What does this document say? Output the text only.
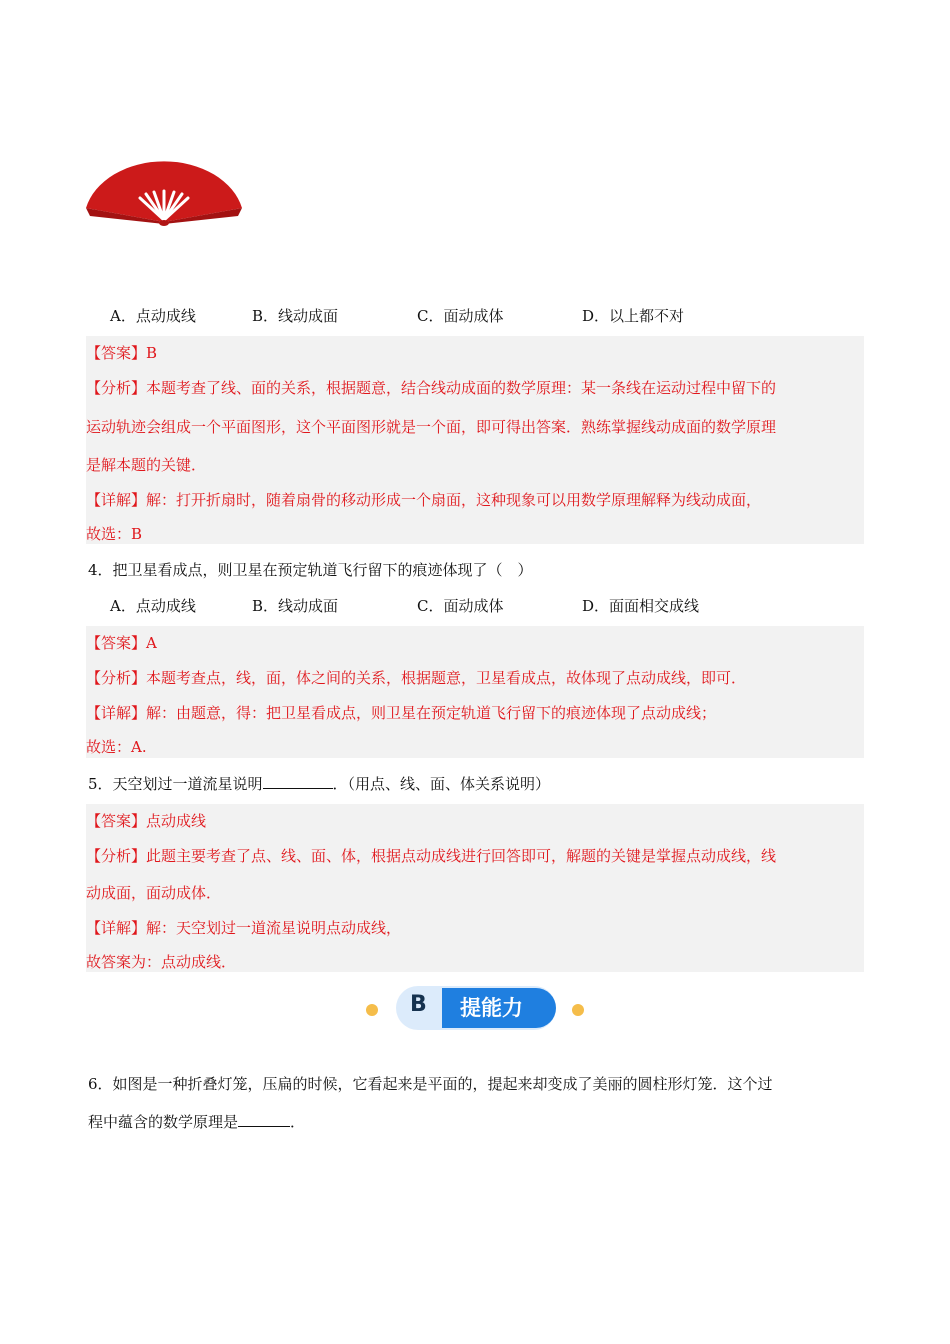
A．点动成线	B．线动成面	C．面动成体	D．以上都不对
【答案】B
【分析】本题考查了线、面的关系，根据题意，结合线动成面的数学原理：某一条线在运动过程中留下的
运动轨迹会组成一个平面图形，这个平面图形就是一个面，即可得出答案．熟练掌握线动成面的数学原理
是解本题的关键．
【详解】解：打开折扇时，随着扇骨的移动形成一个扇面，这种现象可以用数学原理解释为线动成面，
故选：B
4．把卫星看成点，则卫星在预定轨道飞行留下的痕迹体现了（　）
A．点动成线	B．线动成面	C．面动成体	D．面面相交成线
【答案】A
【分析】本题考查点，线，面，体之间的关系，根据题意，卫星看成点，故体现了点动成线，即可．
【详解】解：由题意，得：把卫星看成点，则卫星在预定轨道飞行留下的痕迹体现了点动成线；
故选：A.
5．天空划过一道流星说明	．（用点、线、面、体关系说明）
【答案】点动成线
【分析】此题主要考查了点、线、面、体，根据点动成线进行回答即可，解题的关键是掌握点动成线，线
动成面，面动成体．
【详解】解：天空划过一道流星说明点动成线，
故答案为：点动成线．
B 提能力
6．如图是一种折叠灯笼，压扁的时候，它看起来是平面的，提起来却变成了美丽的圆柱形灯笼．这个过
程中蕴含的数学原理是	．
